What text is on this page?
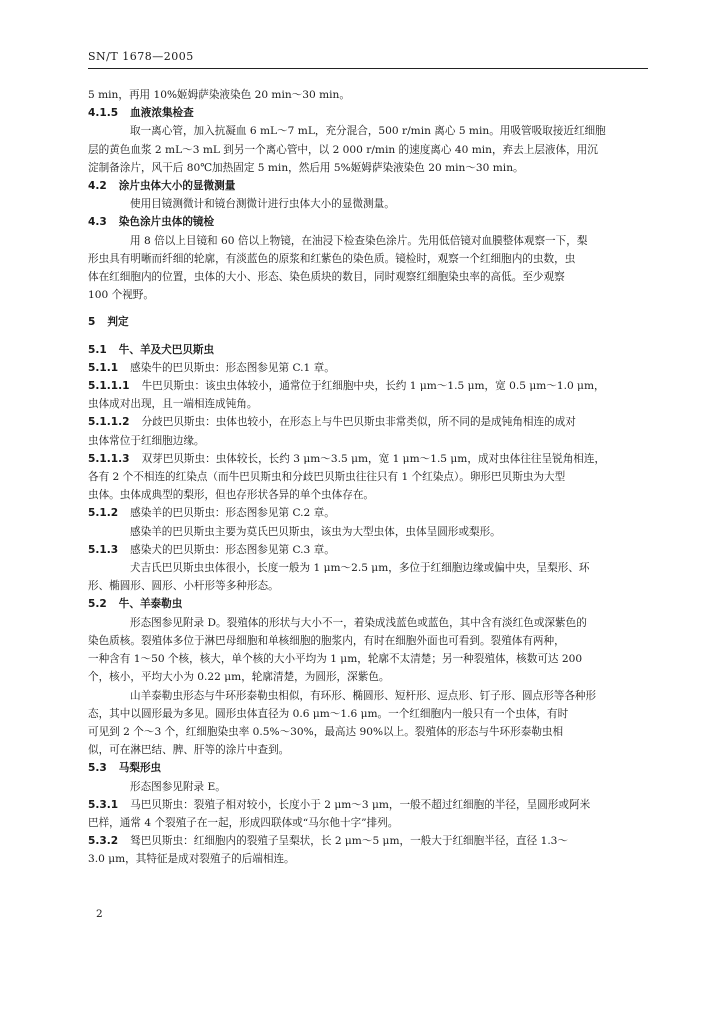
SN/T 1678—2005
5 min，再用 10%姬姆萨染液染色 20 min～30 min。
4.1.5 血液浓集检查
取一离心管，加入抗凝血 6 mL～7 mL，充分混合，500 r/min 离心 5 min。用吸管吸取接近红细胞
层的黄色血浆 2 mL～3 mL 到另一个离心管中，以 2 000 r/min 的速度离心 40 min，弃去上层液体，用沉
淀制备涂片，风干后 80℃加热固定 5 min，然后用 5%姬姆萨染液染色 20 min～30 min。
4.2 涂片虫体大小的显微测量
使用目镜测微计和镜台测微计进行虫体大小的显微测量。
4.3 染色涂片虫体的镜检
用 8 倍以上目镜和 60 倍以上物镜，在油浸下检查染色涂片。先用低倍镜对血膜整体观察一下，梨
形虫具有明晰而纤细的轮廓，有淡蓝色的原浆和红紫色的染色质。镜检时，观察一个红细胞内的虫数，虫
体在红细胞内的位置，虫体的大小、形态、染色质块的数目，同时观察红细胞染虫率的高低。至少观察
100 个视野。
5 判定
5.1 牛、羊及犬巴贝斯虫
5.1.1 感染牛的巴贝斯虫：形态图参见第 C.1 章。
5.1.1.1 牛巴贝斯虫：该虫虫体较小，通常位于红细胞中央，长约 1 μm～1.5 μm，宽 0.5 μm～1.0 μm，
虫体成对出现，且一端相连成钝角。
5.1.1.2 分歧巴贝斯虫：虫体也较小，在形态上与牛巴贝斯虫非常类似，所不同的是成钝角相连的成对
虫体常位于红细胞边缘。
5.1.1.3 双芽巴贝斯虫：虫体较长，长约 3 μm～3.5 μm，宽 1 μm～1.5 μm，成对虫体往往呈锐角相连，
各有 2 个不相连的红染点（而牛巴贝斯虫和分歧巴贝斯虫往往只有 1 个红染点）。卵形巴贝斯虫为大型
虫体。虫体成典型的梨形，但也存形状各异的单个虫体存在。
5.1.2 感染羊的巴贝斯虫：形态图参见第 C.2 章。
感染羊的巴贝斯虫主要为莫氏巴贝斯虫，该虫为大型虫体，虫体呈圆形或梨形。
5.1.3 感染犬的巴贝斯虫：形态图参见第 C.3 章。
犬吉氏巴贝斯虫虫体很小，长度一般为 1 μm～2.5 μm，多位于红细胞边缘或偏中央，呈梨形、环
形、椭圆形、圆形、小杆形等多种形态。
5.2 牛、羊泰勒虫
形态图参见附录 D。裂殖体的形状与大小不一，着染成浅蓝色或蓝色，其中含有淡红色或深紫色的
染色质核。裂殖体多位于淋巴母细胞和单核细胞的胞浆内，有时在细胞外面也可看到。裂殖体有两种，
一种含有 1～50 个核，核大，单个核的大小平均为 1 μm，轮廓不太清楚；另一种裂殖体，核数可达 200
个，核小，平均大小为 0.22 μm，轮廓清楚，为圆形，深紫色。
山羊泰勒虫形态与牛环形泰勒虫相似，有环形、椭圆形、短杆形、逗点形、钉子形、圆点形等各种形
态，其中以圆形最为多见。圆形虫体直径为 0.6 μm～1.6 μm。一个红细胞内一般只有一个虫体，有时
可见到 2 个～3 个，红细胞染虫率 0.5%～30%，最高达 90%以上。裂殖体的形态与牛环形泰勒虫相
似，可在淋巴结、脾、肝等的涂片中查到。
5.3 马梨形虫
形态图参见附录 E。
5.3.1 马巴贝斯虫：裂殖子相对较小，长度小于 2 μm～3 μm，一般不超过红细胞的半径，呈圆形或阿米
巴样，通常 4 个裂殖子在一起，形成四联体或“马尔他十字”排列。
5.3.2 驽巴贝斯虫：红细胞内的裂殖子呈梨状，长 2 μm～5 μm，一般大于红细胞半径，直径 1.3～
3.0 μm，其特征是成对裂殖子的后端相连。
2
